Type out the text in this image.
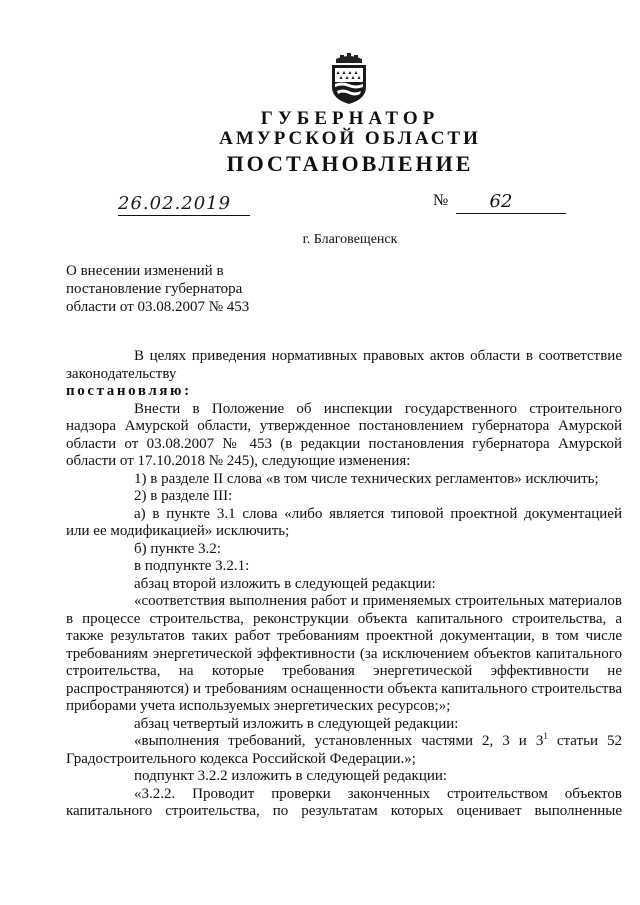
ГУБЕРНАТОР
АМУРСКОЙ ОБЛАСТИ
ПОСТАНОВЛЕНИЕ
26.02.2019	№	62
г. Благовещенск
О внесении изменений в
постановление губернатора
области от 03.08.2007 № 453

В целях приведения нормативных правовых актов области в соответствие законодательству

постановляю:

Внести в Положение об инспекции государственного строительного надзора Амурской области, утвержденное постановлением губернатора Амурской области от 03.08.2007 № 453 (в редакции постановления губернатора Амурской области от 17.10.2018 № 245), следующие изменения:

1) в разделе II слова «в том числе технических регламентов» исключить;

2) в разделе III:

а) в пункте 3.1 слова «либо является типовой проектной документацией или ее модификацией» исключить;

б) пункте 3.2:

в подпункте 3.2.1:

абзац второй изложить в следующей редакции:

«соответствия выполнения работ и применяемых строительных материалов в процессе строительства, реконструкции объекта капитального строительства, а также результатов таких работ требованиям проектной документации, в том числе требованиям энергетической эффективности (за исключением объектов капитального строительства, на которые требования энергетической эффективности не распространяются) и требованиям оснащенности объекта капитального строительства приборами учета используемых энергетических ресурсов;»;

абзац четвертый изложить в следующей редакции:

«выполнения требований, установленных частями 2, 3 и $3^1$ статьи 52 Градостроительного кодекса Российской Федерации.»;

подпункт 3.2.2 изложить в следующей редакции:

«3.2.2. Проводит проверки законченных строительством объектов капитального строительства, по результатам которых оценивает выполненные
